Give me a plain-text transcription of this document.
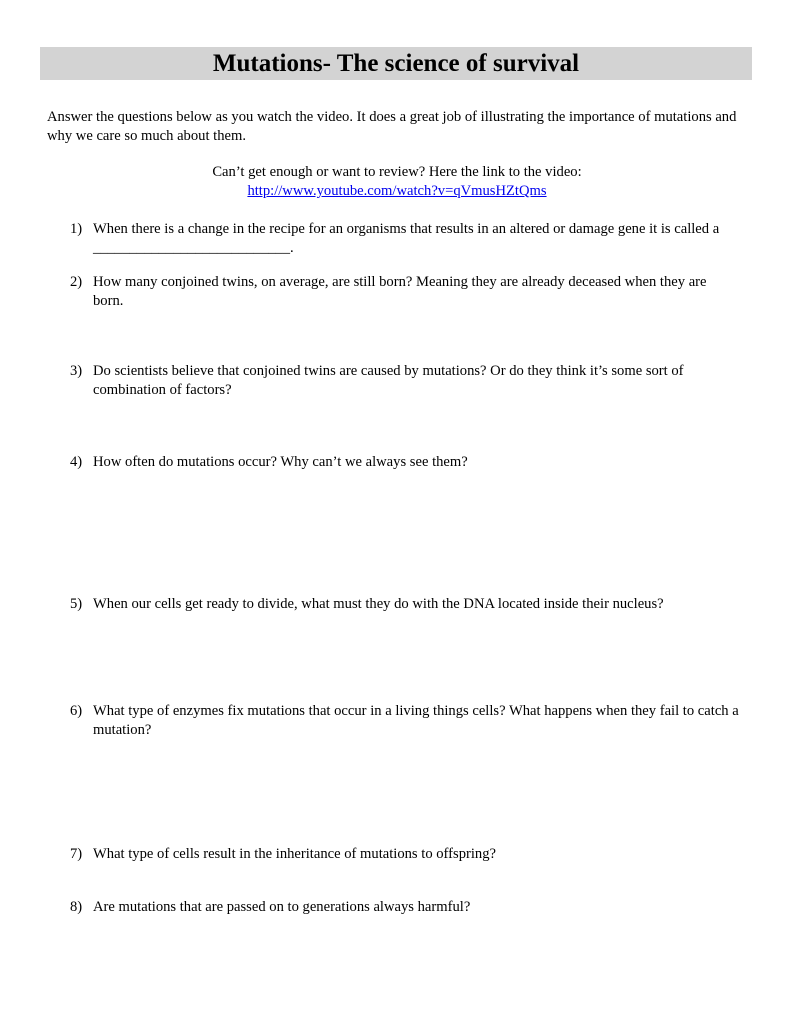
Mutations- The science of survival

Answer the questions below as you watch the video. It does a great job of illustrating the importance of mutations and why we care so much about them.

Can’t get enough or want to review? Here the link to the video:
http://www.youtube.com/watch?v=qVmusHZtQms
1) When there is a change in the recipe for an organisms that results in an altered or damage gene it is called a ___________________________.
2) How many conjoined twins, on average, are still born? Meaning they are already deceased when they are born.
3) Do scientists believe that conjoined twins are caused by mutations? Or do they think it’s some sort of combination of factors?
4) How often do mutations occur? Why can’t we always see them?
5) When our cells get ready to divide, what must they do with the DNA located inside their nucleus?
6) What type of enzymes fix mutations that occur in a living things cells? What happens when they fail to catch a mutation?
7) What type of cells result in the inheritance of mutations to offspring?
8) Are mutations that are passed on to generations always harmful?
